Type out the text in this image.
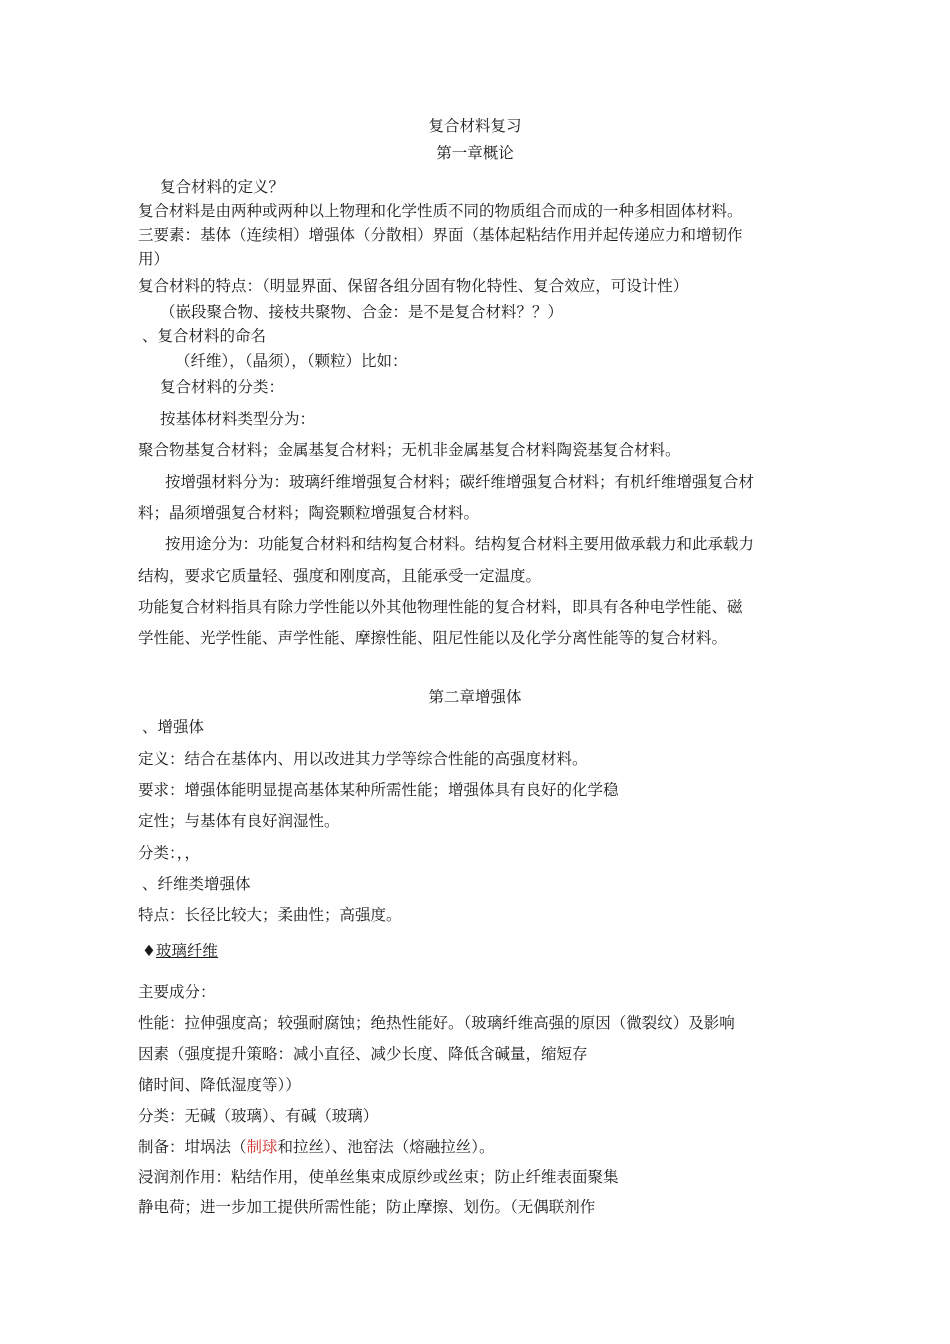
复合材料复习

第一章概论

复合材料的定义？

复合材料是由两种或两种以上物理和化学性质不同的物质组合而成的一种多相固体材料。

三要素：基体（连续相）增强体（分散相）界面（基体起粘结作用并起传递应力和增韧作

用）

复合材料的特点：（明显界面、保留各组分固有物化特性、复合效应，可设计性）

（嵌段聚合物、接枝共聚物、合金：是不是复合材料？？）

、复合材料的命名

（纤维），（晶须），（颗粒）比如：

复合材料的分类：

按基体材料类型分为：

聚合物基复合材料；金属基复合材料；无机非金属基复合材料陶瓷基复合材料。

按增强材料分为：玻璃纤维增强复合材料；碳纤维增强复合材料；有机纤维增强复合材

料；晶须增强复合材料；陶瓷颗粒增强复合材料。

按用途分为：功能复合材料和结构复合材料。结构复合材料主要用做承载力和此承载力

结构，要求它质量轻、强度和刚度高，且能承受一定温度。

功能复合材料指具有除力学性能以外其他物理性能的复合材料，即具有各种电学性能、磁

学性能、光学性能、声学性能、摩擦性能、阻尼性能以及化学分离性能等的复合材料。

第二章增强体

、增强体

定义：结合在基体内、用以改进其力学等综合性能的高强度材料。

要求：增强体能明显提高基体某种所需性能；增强体具有良好的化学稳

定性；与基体有良好润湿性。

分类：，，

、纤维类增强体

特点：长径比较大；柔曲性；高强度。

♦玻璃纤维

主要成分：

性能：拉伸强度高；较强耐腐蚀；绝热性能好。（玻璃纤维高强的原因（微裂纹）及影响

因素（强度提升策略：减小直径、减少长度、降低含碱量，缩短存

储时间、降低湿度等））

分类：无碱（玻璃）、有碱（玻璃）

制备：坩埚法（制球和拉丝）、池窑法（熔融拉丝）。

浸润剂作用：粘结作用，使单丝集束成原纱或丝束；防止纤维表面聚集

静电荷；进一步加工提供所需性能；防止摩擦、划伤。（无偶联剂作
